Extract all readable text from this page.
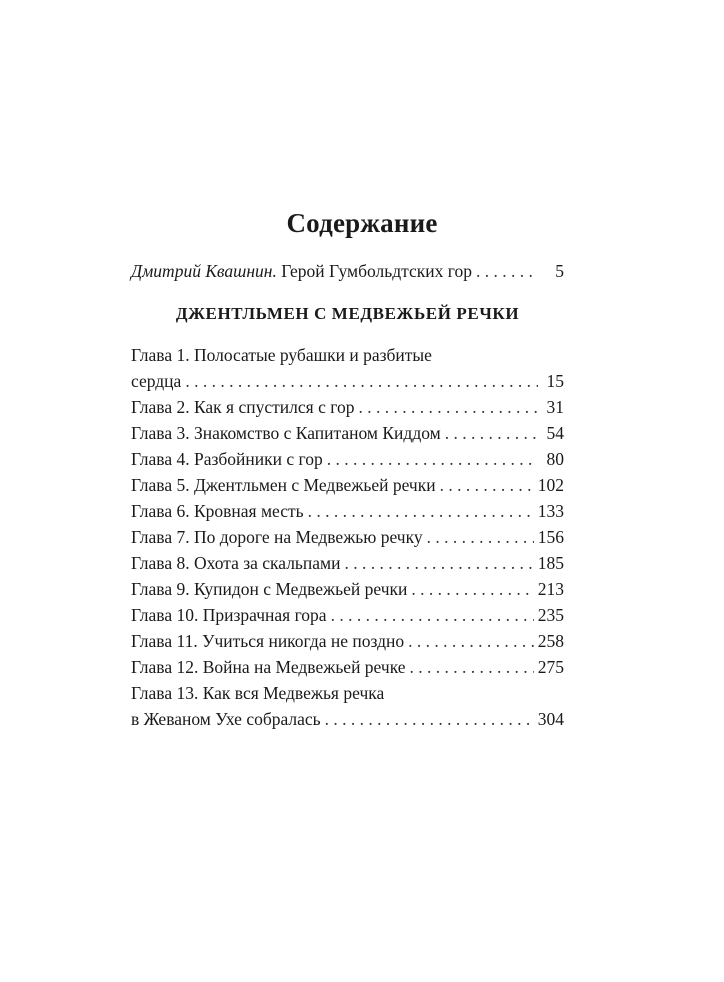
Содержание
Дмитрий Квашнин. Герой Гумбольдтских гор . . .	5
ДЖЕНТЛЬМЕН С МЕДВЕЖЬЕЙ РЕЧКИ
Глава 1. Полосатые рубашки и разбитые
сердца . . .	15
Глава 2. Как я спустился с гор . . .	31
Глава 3. Знакомство с Капитаном Киддом . . .	54
Глава 4. Разбойники с гор . . .	80
Глава 5. Джентльмен с Медвежьей речки . . .	102
Глава 6. Кровная месть . . .	133
Глава 7. По дороге на Медвежью речку . . .	156
Глава 8. Охота за скальпами . . .	185
Глава 9. Купидон с Медвежьей речки . . .	213
Глава 10. Призрачная гора . . .	235
Глава 11. Учиться никогда не поздно . . .	258
Глава 12. Война на Медвежьей речке . . .	275
Глава 13. Как вся Медвежья речка
в Жеваном Ухе собралась . . .	304
